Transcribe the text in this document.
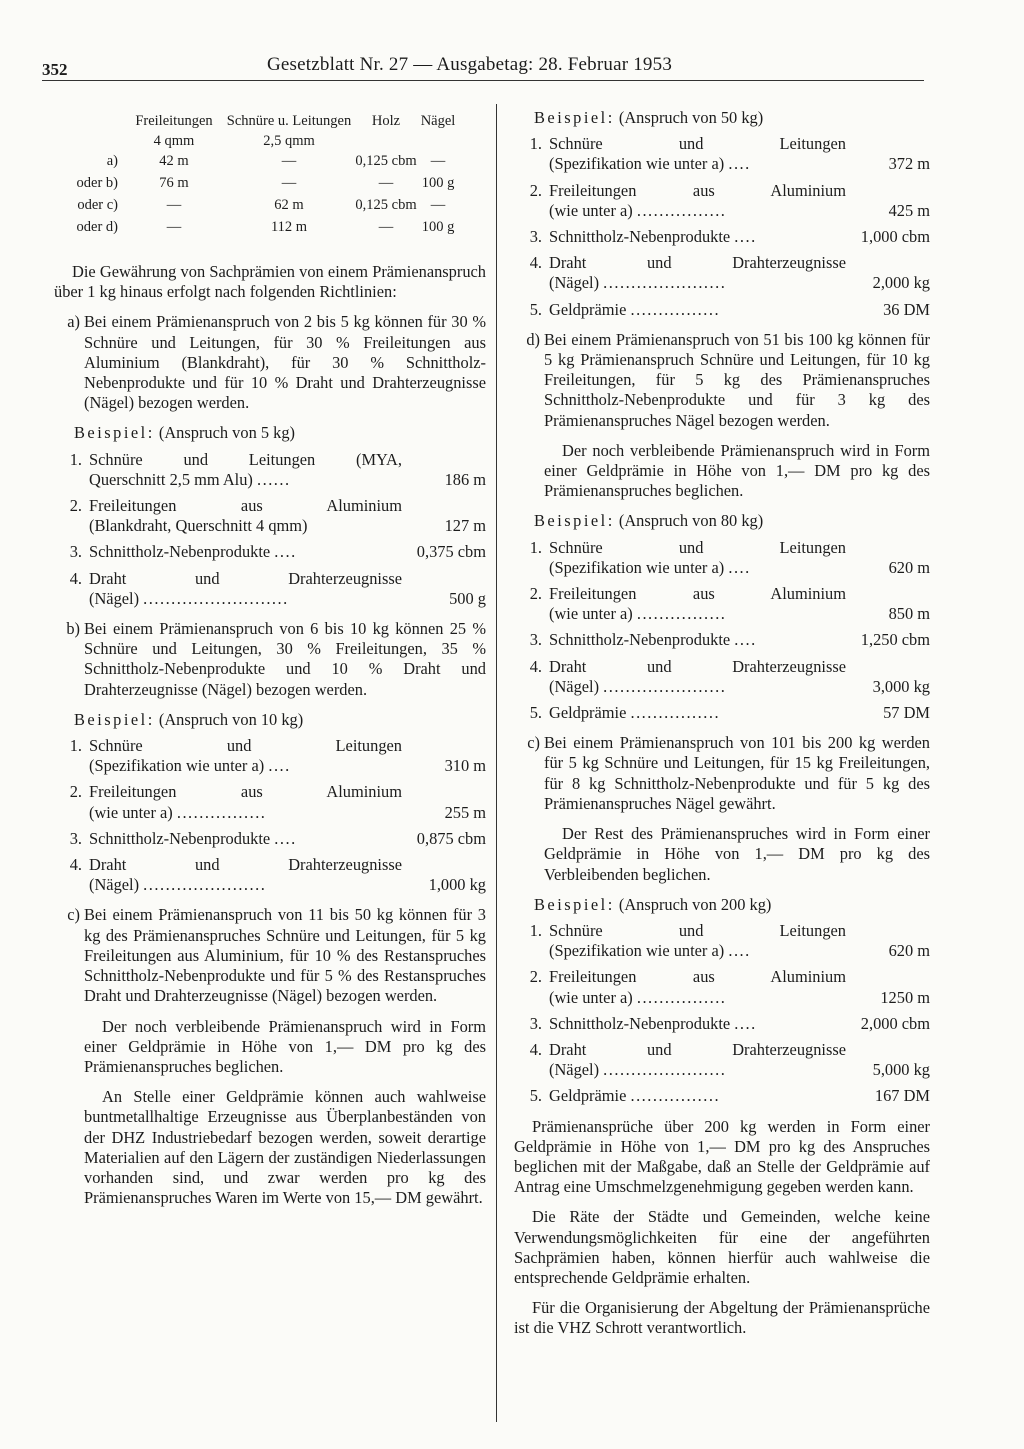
352	Gesetzblatt Nr. 27 — Ausgabetag: 28. Februar 1953
	Freileitungen	Schnüre u. Leitungen	Holz	Nägel
	4 qmm	2,5 qmm		
a)	42 m	—	0,125 cbm	—
oder b)	76 m	—	—	100 g
oder c)	—	62 m	0,125 cbm	—
oder d)	—	112 m	—	100 g

Die Gewährung von Sachprämien von einem Prämienanspruch über 1 kg hinaus erfolgt nach folgenden Richtlinien:

a) Bei einem Prämienanspruch von 2 bis 5 kg können für 30 % Schnüre und Leitungen, für 30 % Freileitungen aus Aluminium (Blankdraht), für 30 % Schnittholz-Nebenprodukte und für 10 % Draht und Drahterzeugnisse (Nägel) bezogen werden.
Beispiel: (Anspruch von 5 kg)
1. Schnüre und Leitungen (MYA,
Querschnitt 2,5 mm Alu) ......	186 m
2. Freileitungen aus Aluminium
(Blankdraht, Querschnitt 4 qmm)	127 m
3. Schnittholz-Nebenprodukte ....	0,375 cbm
4. Draht und Drahterzeugnisse
(Nägel) ..........................	500 g
b) Bei einem Prämienanspruch von 6 bis 10 kg können 25 % Schnüre und Leitungen, 30 % Freileitungen, 35 % Schnittholz-Nebenprodukte und 10 % Draht und Drahterzeugnisse (Nägel) bezogen werden.
Beispiel: (Anspruch von 10 kg)
1. Schnüre und Leitungen
(Spezifikation wie unter a) ....	310 m
2. Freileitungen aus Aluminium
(wie unter a) ................	255 m
3. Schnittholz-Nebenprodukte ....	0,875 cbm
4. Draht und Drahterzeugnisse
(Nägel) ......................	1,000 kg
c) Bei einem Prämienanspruch von 11 bis 50 kg können für 3 kg des Prämienanspruches Schnüre und Leitungen, für 5 kg Freileitungen aus Aluminium, für 10 % des Restanspruches Schnittholz-Nebenprodukte und für 5 % des Restanspruches Draht und Drahterzeugnisse (Nägel) bezogen werden.

Der noch verbleibende Prämienanspruch wird in Form einer Geldprämie in Höhe von 1,— DM pro kg des Prämienanspruches beglichen.

An Stelle einer Geldprämie können auch wahlweise buntmetallhaltige Erzeugnisse aus Überplanbeständen von der DHZ Industriebedarf bezogen werden, soweit derartige Materialien auf den Lägern der zuständigen Niederlassungen vorhanden sind, und zwar werden pro kg des Prämienanspruches Waren im Werte von 15,— DM gewährt.

Beispiel: (Anspruch von 50 kg)
1. Schnüre und Leitungen
(Spezifikation wie unter a) ....	372 m
2. Freileitungen aus Aluminium
(wie unter a) ................	425 m
3. Schnittholz-Nebenprodukte ....	1,000 cbm
4. Draht und Drahterzeugnisse
(Nägel) ......................	2,000 kg
5. Geldprämie ................	36 DM
d) Bei einem Prämienanspruch von 51 bis 100 kg können für 5 kg Prämienanspruch Schnüre und Leitungen, für 10 kg Freileitungen, für 5 kg des Prämienanspruches Schnittholz-Nebenprodukte und für 3 kg des Prämienanspruches Nägel bezogen werden.

Der noch verbleibende Prämienanspruch wird in Form einer Geldprämie in Höhe von 1,— DM pro kg des Prämienanspruches beglichen.

Beispiel: (Anspruch von 80 kg)
1. Schnüre und Leitungen
(Spezifikation wie unter a) ....	620 m
2. Freileitungen aus Aluminium
(wie unter a) ................	850 m
3. Schnittholz-Nebenprodukte ....	1,250 cbm
4. Draht und Drahterzeugnisse
(Nägel) ......................	3,000 kg
5. Geldprämie ................	57 DM
c) Bei einem Prämienanspruch von 101 bis 200 kg werden für 5 kg Schnüre und Leitungen, für 15 kg Freileitungen, für 8 kg Schnittholz-Nebenprodukte und für 5 kg des Prämienanspruches Nägel gewährt.

Der Rest des Prämienanspruches wird in Form einer Geldprämie in Höhe von 1,— DM pro kg des Verbleibenden beglichen.

Beispiel: (Anspruch von 200 kg)
1. Schnüre und Leitungen
(Spezifikation wie unter a) ....	620 m
2. Freileitungen aus Aluminium
(wie unter a) ................	1250 m
3. Schnittholz-Nebenprodukte ....	2,000 cbm
4. Draht und Drahterzeugnisse
(Nägel) ......................	5,000 kg
5. Geldprämie ................	167 DM

Prämienansprüche über 200 kg werden in Form einer Geldprämie in Höhe von 1,— DM pro kg des Anspruches beglichen mit der Maßgabe, daß an Stelle der Geldprämie auf Antrag eine Umschmelzgenehmigung gegeben werden kann.

Die Räte der Städte und Gemeinden, welche keine Verwendungsmöglichkeiten für eine der angeführten Sachprämien haben, können hierfür auch wahlweise die entsprechende Geldprämie erhalten.

Für die Organisierung der Abgeltung der Prämienansprüche ist die VHZ Schrott verantwortlich.
